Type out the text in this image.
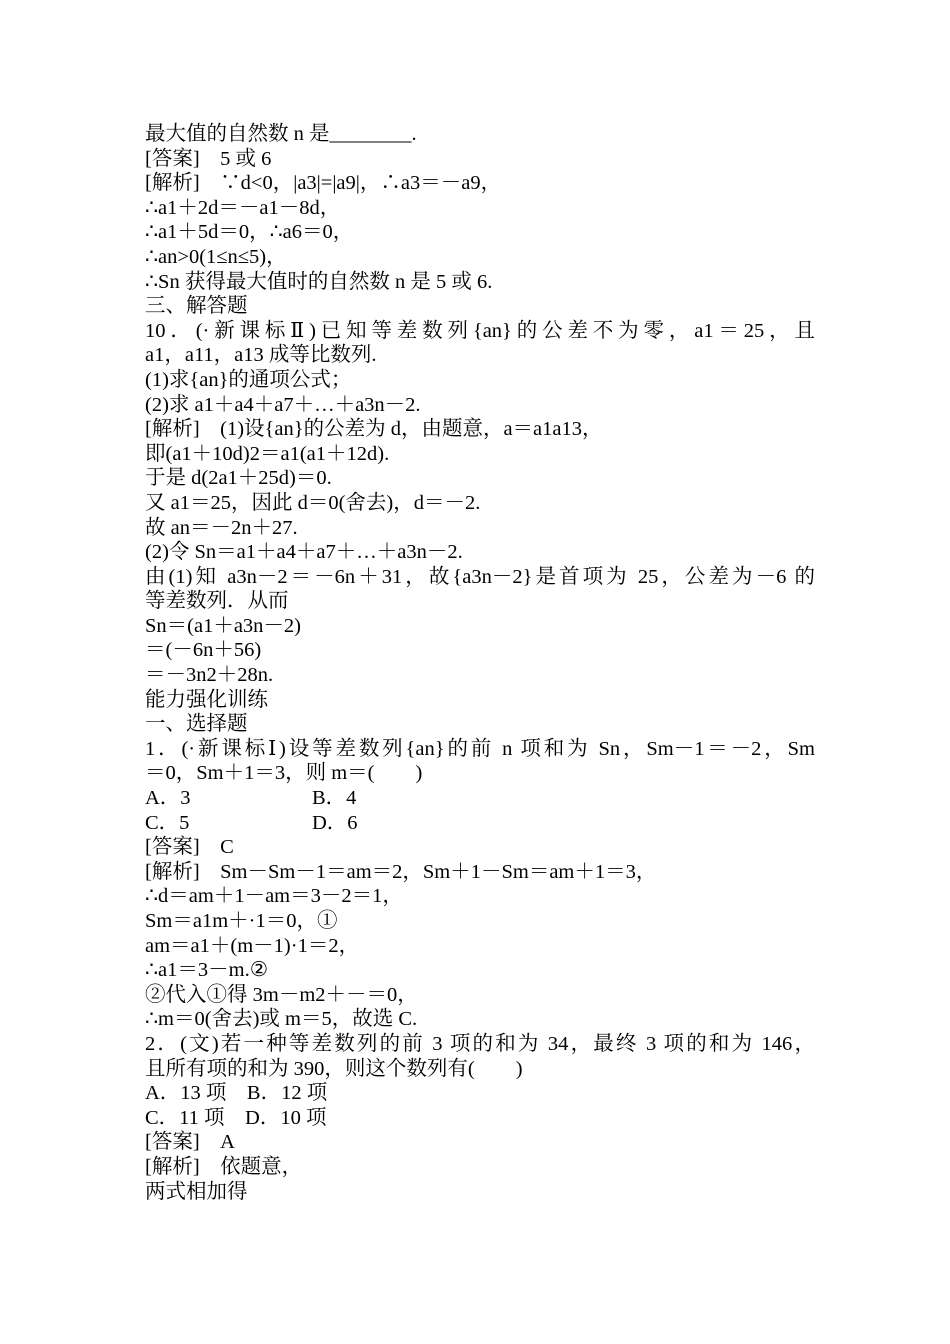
最大值的自然数 n 是________.
[答案]　5 或 6
[解析]　∵d<0，|a3|=|a9|，∴a3＝－a9，
∴a1＋2d＝－a1－8d，
∴a1＋5d＝0，∴a6＝0，
∴an>0(1≤n≤5)，
∴Sn 获得最大值时的自然数 n 是 5 或 6.
三、解答题
10．(·新课标Ⅱ)已知等差数列{an}的公差不为零，a1＝25，且
a1，a11，a13 成等比数列.
(1)求{an}的通项公式；
(2)求 a1＋a4＋a7＋…＋a3n－2.
[解析]　(1)设{an}的公差为 d，由题意，a＝a1a13，
即(a1＋10d)2＝a1(a1＋12d).
于是 d(2a1＋25d)＝0.
又 a1＝25，因此 d＝0(舍去)，d＝－2.
故 an＝－2n＋27.
(2)令 Sn＝a1＋a4＋a7＋…＋a3n－2.
由(1)知 a3n－2＝－6n＋31，故{a3n－2}是首项为 25，公差为－6 的
等差数列．从而
Sn＝(a1＋a3n－2)
＝(－6n＋56)
＝－3n2＋28n.
能力强化训练
一、选择题
1．(·新课标Ⅰ)设等差数列{an}的前 n 项和为 Sn，Sm－1＝－2，Sm
＝0，Sm＋1＝3，则 m＝(　　)
A．3	B．4
C．5	D．6
[答案]　C
[解析]　Sm－Sm－1＝am＝2，Sm＋1－Sm＝am＋1＝3，
∴d＝am＋1－am＝3－2＝1，
Sm＝a1m＋·1＝0，①
am＝a1＋(m－1)·1＝2，
∴a1＝3－m.②
②代入①得 3m－m2＋－＝0，
∴m＝0(舍去)或 m＝5，故选 C.
2．(文)若一种等差数列的前 3 项的和为 34，最终 3 项的和为 146，
且所有项的和为 390，则这个数列有(　　)
A．13 项　B．12 项
C．11 项　D．10 项
[答案]　A
[解析]　依题意，
两式相加得
